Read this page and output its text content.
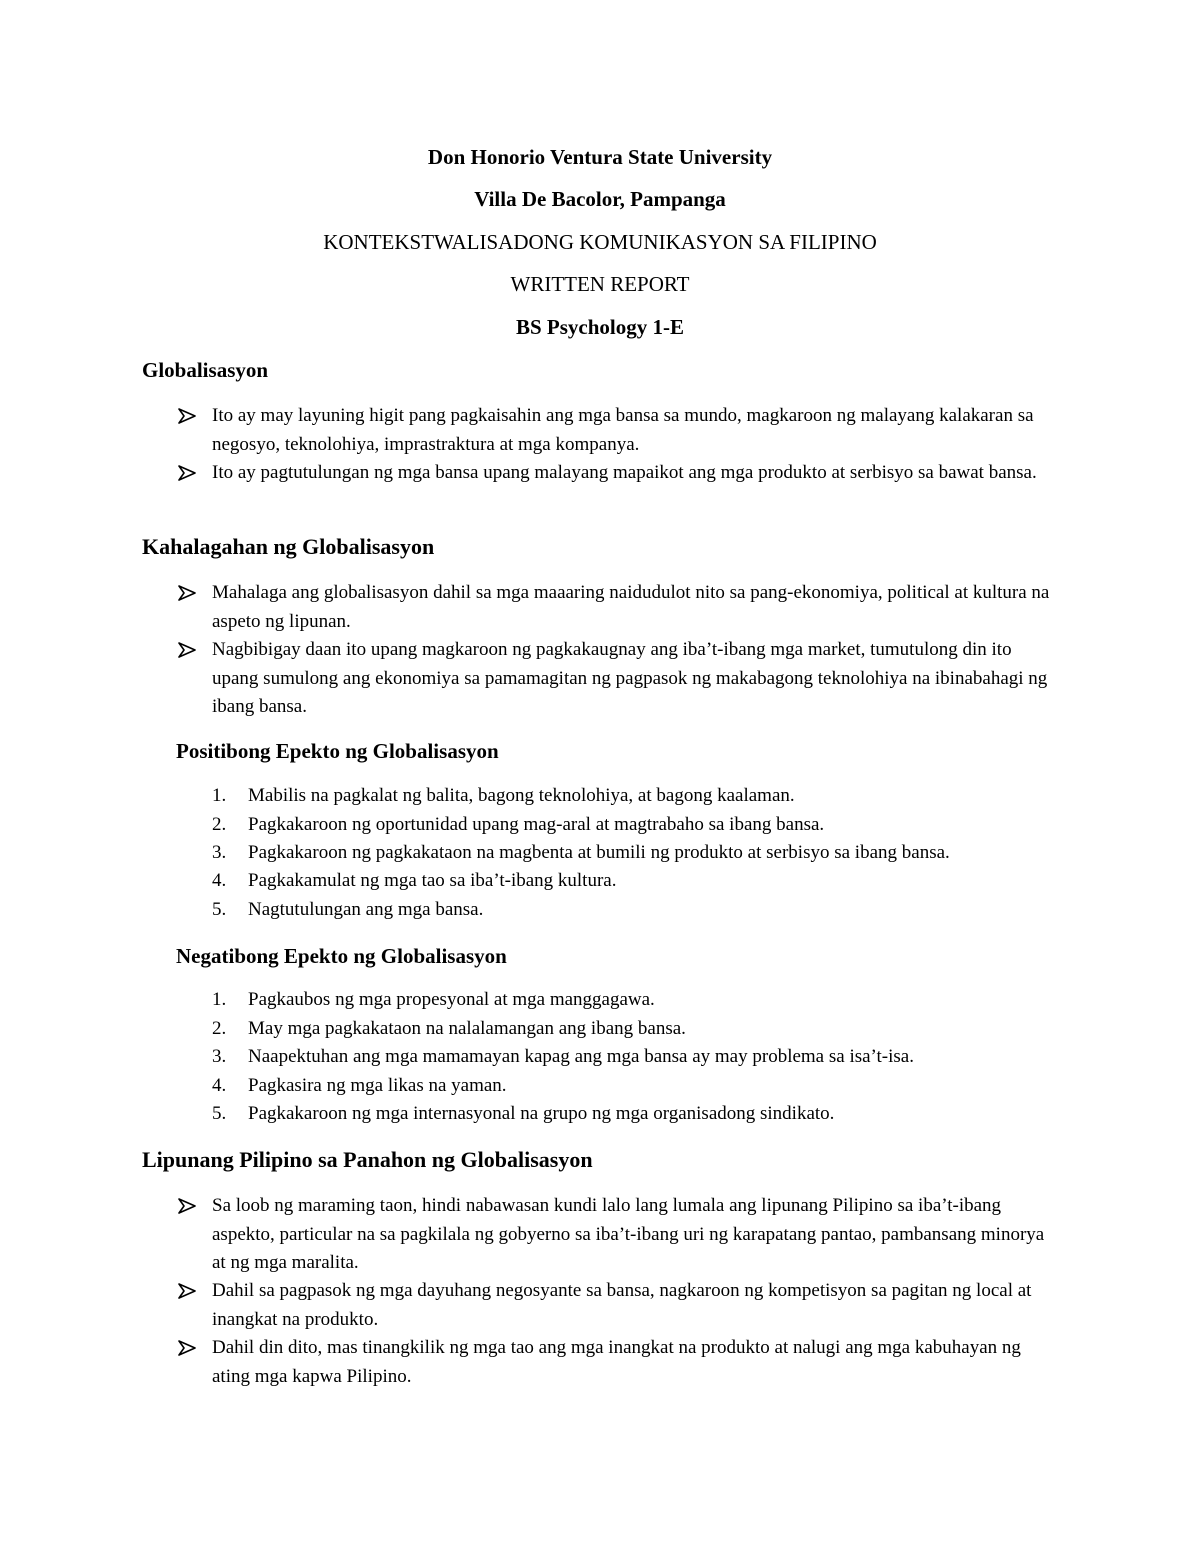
Don Honorio Ventura State University
Villa De Bacolor, Pampanga
KONTEKSTWALISADONG KOMUNIKASYON SA FILIPINO
WRITTEN REPORT
BS Psychology 1-E
Globalisasyon
Ito ay may layuning higit pang pagkaisahin ang mga bansa sa mundo, magkaroon ng malayang kalakaran sa negosyo, teknolohiya, imprastraktura at mga kompanya.
Ito ay pagtutulungan ng mga bansa upang malayang mapaikot ang mga produkto at serbisyo sa bawat bansa.
Kahalagahan ng Globalisasyon
Mahalaga ang globalisasyon dahil sa mga maaaring naidudulot nito sa pang-ekonomiya, political at kultura na aspeto ng lipunan.
Nagbibigay daan ito upang magkaroon ng pagkakaugnay ang iba’t-ibang mga market, tumutulong din ito upang sumulong ang ekonomiya sa pamamagitan ng pagpasok ng makabagong teknolohiya na ibinabahagi ng ibang bansa.
Positibong Epekto ng Globalisasyon
1.	Mabilis na pagkalat ng balita, bagong teknolohiya, at bagong kaalaman.
2.	Pagkakaroon ng oportunidad upang mag-aral at magtrabaho sa ibang bansa.
3.	Pagkakaroon ng pagkakataon na magbenta at bumili ng produkto at serbisyo sa ibang bansa.
4.	Pagkakamulat ng mga tao sa iba’t-ibang kultura.
5.	Nagtutulungan ang mga bansa.
Negatibong Epekto ng Globalisasyon
1.	Pagkaubos ng mga propesyonal at mga manggagawa.
2.	May mga pagkakataon na nalalamangan ang ibang bansa.
3.	Naapektuhan ang mga mamamayan kapag ang mga bansa ay may problema sa isa’t-isa.
4.	Pagkasira ng mga likas na yaman.
5.	Pagkakaroon ng mga internasyonal na grupo ng mga organisadong sindikato.
Lipunang Pilipino sa Panahon ng Globalisasyon
Sa loob ng maraming taon, hindi nabawasan kundi lalo lang lumala ang lipunang Pilipino sa iba’t-ibang aspekto, particular na sa pagkilala ng gobyerno sa iba’t-ibang uri ng karapatang pantao, pambansang minorya at ng mga maralita.
Dahil sa pagpasok ng mga dayuhang negosyante sa bansa, nagkaroon ng kompetisyon sa pagitan ng local at inangkat na produkto.
Dahil din dito, mas tinangkilik ng mga tao ang mga inangkat na produkto at nalugi ang mga kabuhayan ng ating mga kapwa Pilipino.
